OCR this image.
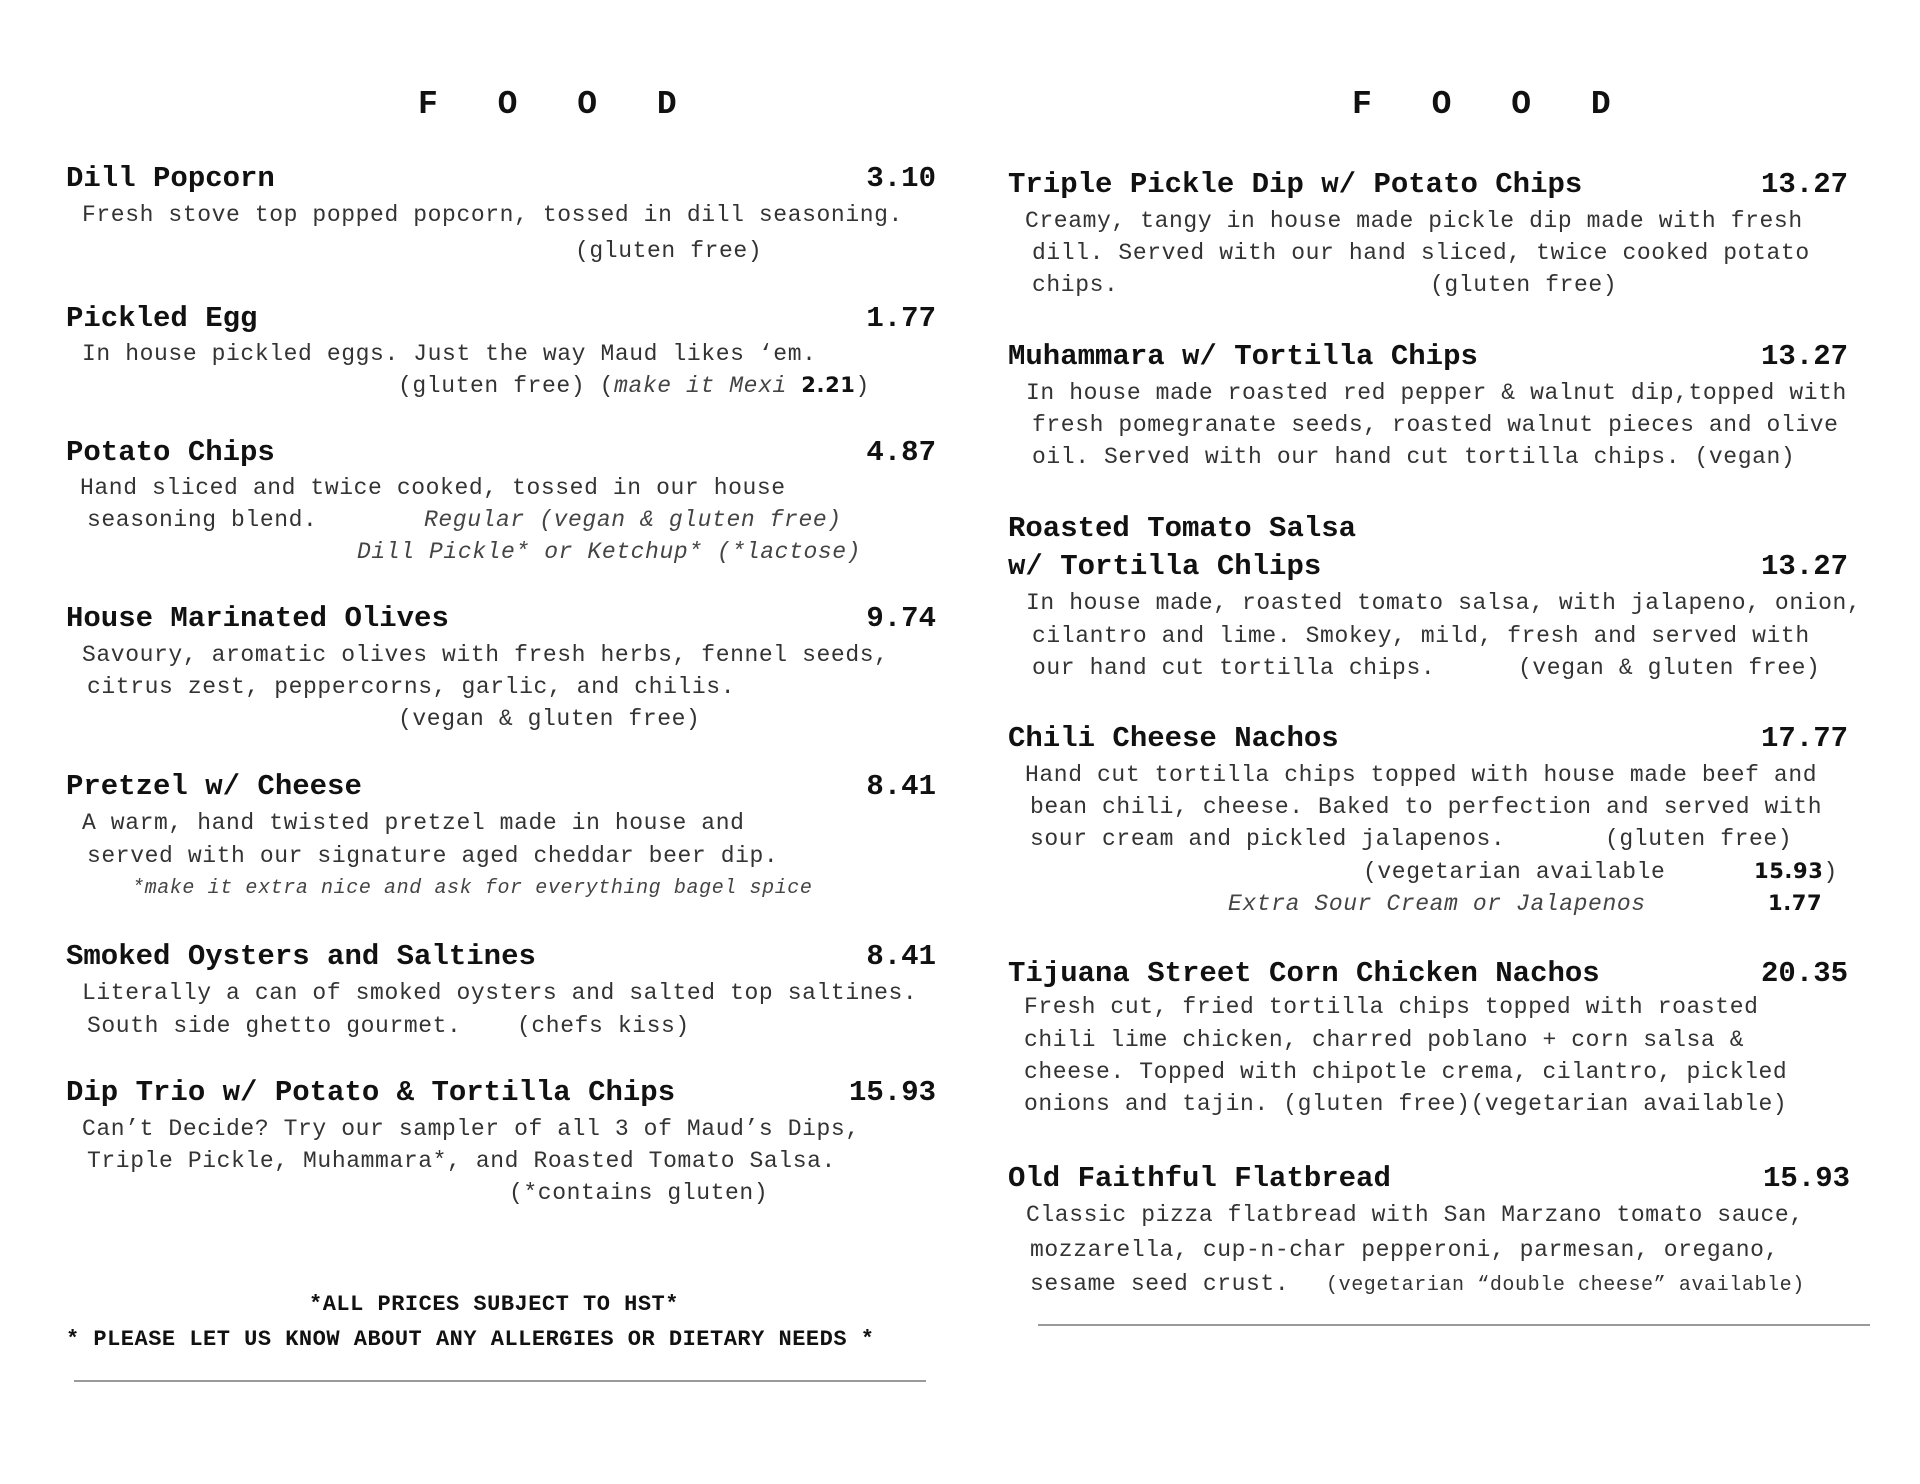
F O O D
Dill Popcorn	3.10
Fresh stove top popped popcorn, tossed in dill seasoning.
(gluten free)
Pickled Egg	1.77
In house pickled eggs. Just the way Maud likes ‘em.
(gluten free) (make it Mexi 2.21)
Potato Chips	4.87
Hand sliced and twice cooked, tossed in our house
seasoning blend.	Regular (vegan & gluten free)
Dill Pickle* or Ketchup* (*lactose)
House Marinated Olives	9.74
Savoury, aromatic olives with fresh herbs, fennel seeds,
citrus zest, peppercorns, garlic, and chilis.
(vegan & gluten free)
Pretzel w/ Cheese	8.41
A warm, hand twisted pretzel made in house and
served with our signature aged cheddar beer dip.
*make it extra nice and ask for everything bagel spice
Smoked Oysters and Saltines	8.41
Literally a can of smoked oysters and salted top saltines.
South side ghetto gourmet. (chefs kiss)
Dip Trio w/ Potato & Tortilla Chips	15.93
Can’t Decide? Try our sampler of all 3 of Maud’s Dips,
Triple Pickle, Muhammara*, and Roasted Tomato Salsa.
(*contains gluten)
*ALL PRICES SUBJECT TO HST*
* PLEASE LET US KNOW ABOUT ANY ALLERGIES OR DIETARY NEEDS *
F O O D
Triple Pickle Dip w/ Potato Chips	13.27
Creamy, tangy in house made pickle dip made with fresh
dill. Served with our hand sliced, twice cooked potato
chips.	(gluten free)
Muhammara w/ Tortilla Chips	13.27
In house made roasted red pepper & walnut dip,topped with
fresh pomegranate seeds, roasted walnut pieces and olive
oil. Served with our hand cut tortilla chips. (vegan)
Roasted Tomato Salsa
w/ Tortilla Chlips	13.27
In house made, roasted tomato salsa, with jalapeno, onion,
cilantro and lime. Smokey, mild, fresh and served with
our hand cut tortilla chips.	(vegan & gluten free)
Chili Cheese Nachos	17.77
Hand cut tortilla chips topped with house made beef and
bean chili, cheese. Baked to perfection and served with
sour cream and pickled jalapenos.	(gluten free)
(vegetarian available	15.93)
Extra Sour Cream or Jalapenos	1.77
Tijuana Street Corn Chicken Nachos	20.35
Fresh cut, fried tortilla chips topped with roasted
chili lime chicken, charred poblano + corn salsa &
cheese. Topped with chipotle crema, cilantro, pickled
onions and tajin. (gluten free)(vegetarian available)
Old Faithful Flatbread	15.93
Classic pizza flatbread with San Marzano tomato sauce,
mozzarella, cup-n-char pepperoni, parmesan, oregano,
sesame seed crust. (vegetarian “double cheese” available)
